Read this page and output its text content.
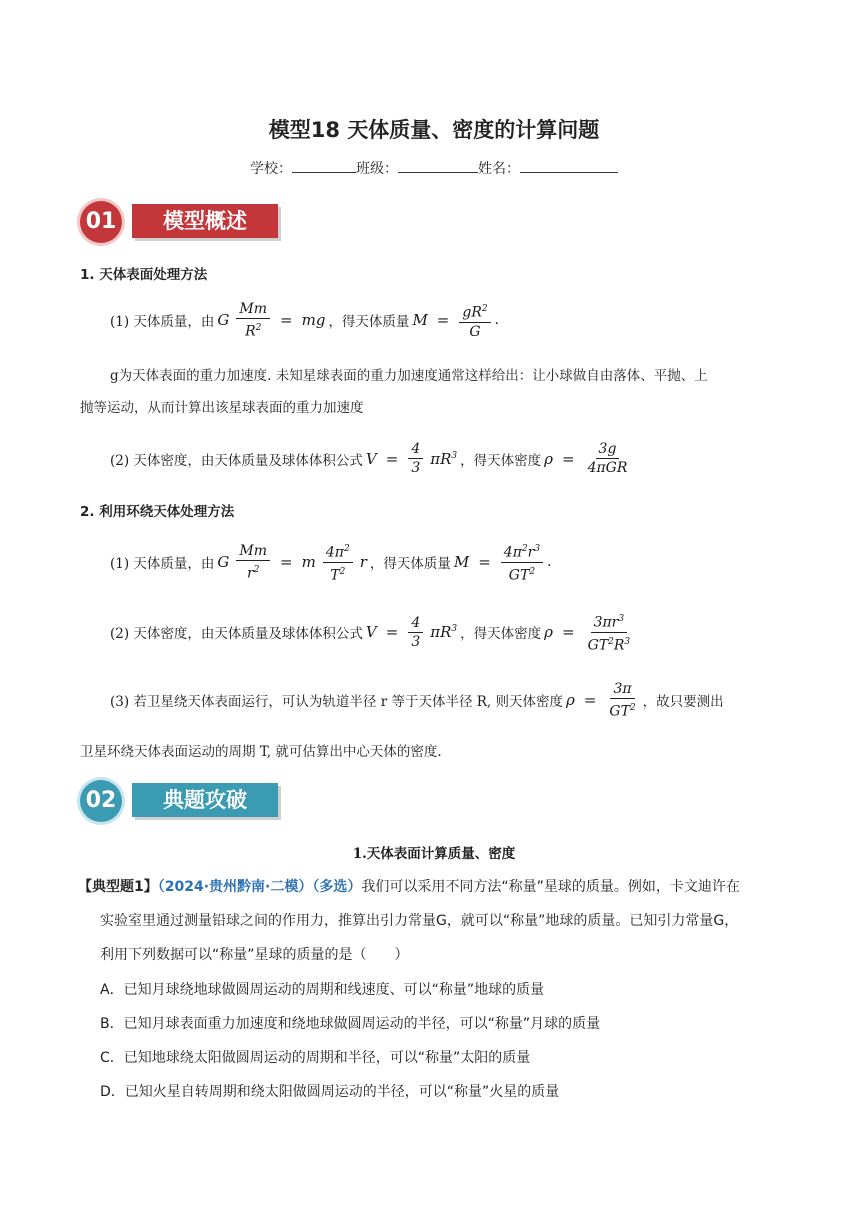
模型18 天体质量、密度的计算问题
学校：	班级：	姓名：
01	模型概述
1. 天体表面处理方法
(1) 天体质量，由 G $\frac{Mm}{R^2}$ = mg ，得天体质量 $M = \frac{gR^2}{G}$ .
g为天体表面的重力加速度. 未知星球表面的重力加速度通常这样给出：让小球做自由落体、平抛、上
抛等运动，从而计算出该星球表面的重力加速度
(2) 天体密度，由天体质量及球体体积公式 $V = \frac{4}{3} \pi R^3$ ，得天体密度 $\rho = \frac{3g}{\text{4πGR}}$
2. 利用环绕天体处理方法
(1) 天体质量，由 G $\frac{Mm}{r^2} = m \frac{4\pi^2}{T^2}$ r ，得天体质量 $M = \frac{4\pi^2r^3}{GT^2}$ .
(2) 天体密度，由天体质量及球体体积公式 $V = \frac{4}{3} \pi R^3$ ，得天体密度 $\rho = \frac{3\pi r^3}{GT^2R^3}$
(3) 若卫星绕天体表面运行，可认为轨道半径 r 等于天体半径 R, 则天体密度 $\rho = \frac{3\pi}{GT^2}$ ，故只要测出
卫星环绕天体表面运动的周期 T, 就可估算出中心天体的密度.
02	典题攻破
1.天体表面计算质量、密度
【典型题1】（2024·贵州黔南·二模）（多选）我们可以采用不同方法“称量”星球的质量。例如，卡文迪许在
实验室里通过测量铅球之间的作用力，推算出引力常量G，就可以“称量”地球的质量。已知引力常量G，
利用下列数据可以“称量”星球的质量的是（　　）
A．已知月球绕地球做圆周运动的周期和线速度、可以“称量”地球的质量
B．已知月球表面重力加速度和绕地球做圆周运动的半径，可以“称量”月球的质量
C．已知地球绕太阳做圆周运动的周期和半径，可以“称量”太阳的质量
D．已知火星自转周期和绕太阳做圆周运动的半径，可以“称量”火星的质量
